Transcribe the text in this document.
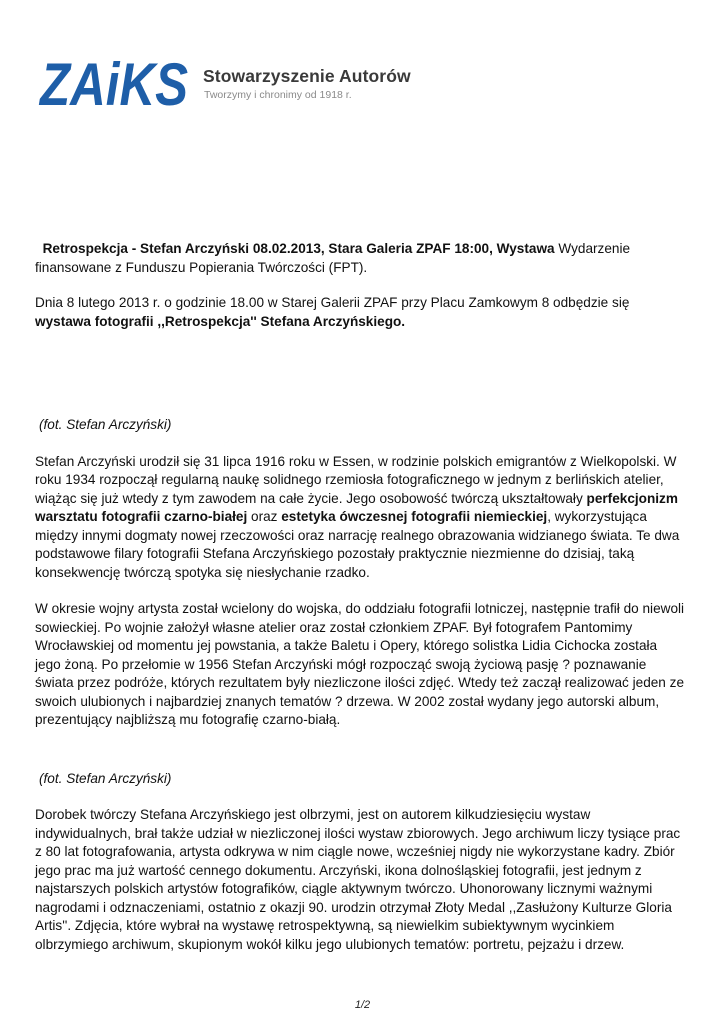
ZAiKS Stowarzyszenie Autorów
Tworzymy i chronimy od 1918 r.

Retrospekcja - Stefan Arczyński 08.02.2013, Stara Galeria ZPAF 18:00, Wystawa Wydarzenie finansowane z Funduszu Popierania Twórczości (FPT).

Dnia 8 lutego 2013 r. o godzinie 18.00 w Starej Galerii ZPAF przy Placu Zamkowym 8 odbędzie się wystawa fotografii ,,Retrospekcja'' Stefana Arczyńskiego.

(fot. Stefan Arczyński)

Stefan Arczyński urodził się 31 lipca 1916 roku w Essen, w rodzinie polskich emigrantów z Wielkopolski. W roku 1934 rozpoczął regularną naukę solidnego rzemiosła fotograficznego w jednym z berlińskich atelier, wiążąc się już wtedy z tym zawodem na całe życie. Jego osobowość twórczą ukształtowały perfekcjonizm warsztatu fotografii czarno-białej oraz estetyka ówczesnej fotografii niemieckiej, wykorzystująca między innymi dogmaty nowej rzeczowości oraz narrację realnego obrazowania widzianego świata. Te dwa podstawowe filary fotografii Stefana Arczyńskiego pozostały praktycznie niezmienne do dzisiaj, taką konsekwencję twórczą spotyka się niesłychanie rzadko.

W okresie wojny artysta został wcielony do wojska, do oddziału fotografii lotniczej, następnie trafił do niewoli sowieckiej. Po wojnie założył własne atelier oraz został członkiem ZPAF. Był fotografem Pantomimy Wrocławskiej od momentu jej powstania, a także Baletu i Opery, którego solistka Lidia Cichocka została jego żoną. Po przełomie w 1956 Stefan Arczyński mógł rozpocząć swoją życiową pasję ? poznawanie świata przez podróże, których rezultatem były niezliczone ilości zdjęć. Wtedy też zaczął realizować jeden ze swoich ulubionych i najbardziej znanych tematów ? drzewa. W 2002 został wydany jego autorski album, prezentujący najbliższą mu fotografię czarno-białą.

(fot. Stefan Arczyński)

Dorobek twórczy Stefana Arczyńskiego jest olbrzymi, jest on autorem kilkudziesięciu wystaw indywidualnych, brał także udział w niezliczonej ilości wystaw zbiorowych. Jego archiwum liczy tysiące prac z 80 lat fotografowania, artysta odkrywa w nim ciągle nowe, wcześniej nigdy nie wykorzystane kadry. Zbiór jego prac ma już wartość cennego dokumentu. Arczyński, ikona dolnośląskiej fotografii, jest jednym z najstarszych polskich artystów fotografików, ciągle aktywnym twórczo. Uhonorowany licznymi ważnymi nagrodami i odznaczeniami, ostatnio z okazji 90. urodzin otrzymał Złoty Medal ,,Zasłużony Kulturze Gloria Artis''. Zdjęcia, które wybrał na wystawę retrospektywną, są niewielkim subiektywnym wycinkiem olbrzymiego archiwum, skupionym wokół kilku jego ulubionych tematów: portretu, pejzażu i drzew.

1/2
